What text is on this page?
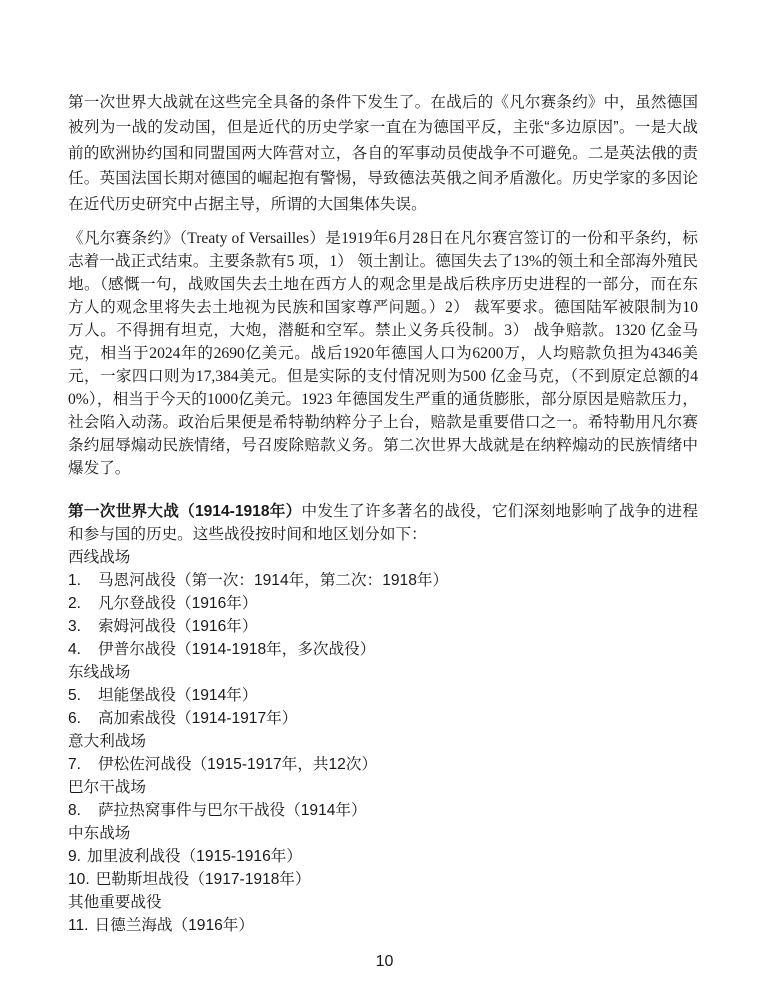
第一次世界大战就在这些完全具备的条件下发生了。在战后的《凡尔赛条约》中，虽然德国被列为一战的发动国，但是近代的历史学家一直在为德国平反，主张“多边原因”。一是大战前的欧洲协约国和同盟国两大阵营对立，各自的军事动员使战争不可避免。二是英法俄的责任。英国法国长期对德国的崛起抱有警惕，导致德法英俄之间矛盾激化。历史学家的多因论在近代历史研究中占据主导，所谓的大国集体失误。

《凡尔赛条约》（Treaty of Versailles）是1919年6月28日在凡尔赛宫签订的一份和平条约，标志着一战正式结束。主要条款有5 项，1） 领土割让。德国失去了13%的领土和全部海外殖民地。（感慨一句，战败国失去土地在西方人的观念里是战后秩序历史进程的一部分，而在东方人的观念里将失去土地视为民族和国家尊严问题。）2） 裁军要求。德国陆军被限制为10 万人。不得拥有坦克，大炮，潜艇和空军。禁止义务兵役制。3） 战争赔款。1320 亿金马克，相当于2024年的2690亿美元。战后1920年德国人口为6200万，人均赔款负担为4346美元，一家四口则为17,384美元。但是实际的支付情况则为500 亿金马克，（不到原定总额的40%），相当于今天的1000亿美元。1923 年德国发生严重的通货膨胀，部分原因是赔款压力，社会陷入动荡。政治后果便是希特勒纳粹分子上台，赔款是重要借口之一。希特勒用凡尔赛条约屈辱煽动民族情绪，号召废除赔款义务。第二次世界大战就是在纳粹煽动的民族情绪中爆发了。

第一次世界大战（1914-1918年）中发生了许多著名的战役，它们深刻地影响了战争的进程和参与国的历史。这些战役按时间和地区划分如下：
西线战场
1. 马恩河战役（第一次：1914年，第二次：1918年）
2. 凡尔登战役（1916年）
3. 索姆河战役（1916年）
4. 伊普尔战役（1914-1918年，多次战役）
东线战场
5. 坦能堡战役（1914年）
6. 高加索战役（1914-1917年）
意大利战场
7. 伊松佐河战役（1915-1917年，共12次）
巴尔干战场
8. 萨拉热窝事件与巴尔干战役（1914年）
中东战场
9. 加里波利战役（1915-1916年）
10. 巴勒斯坦战役（1917-1918年）
其他重要战役
11. 日德兰海战（1916年）
10
